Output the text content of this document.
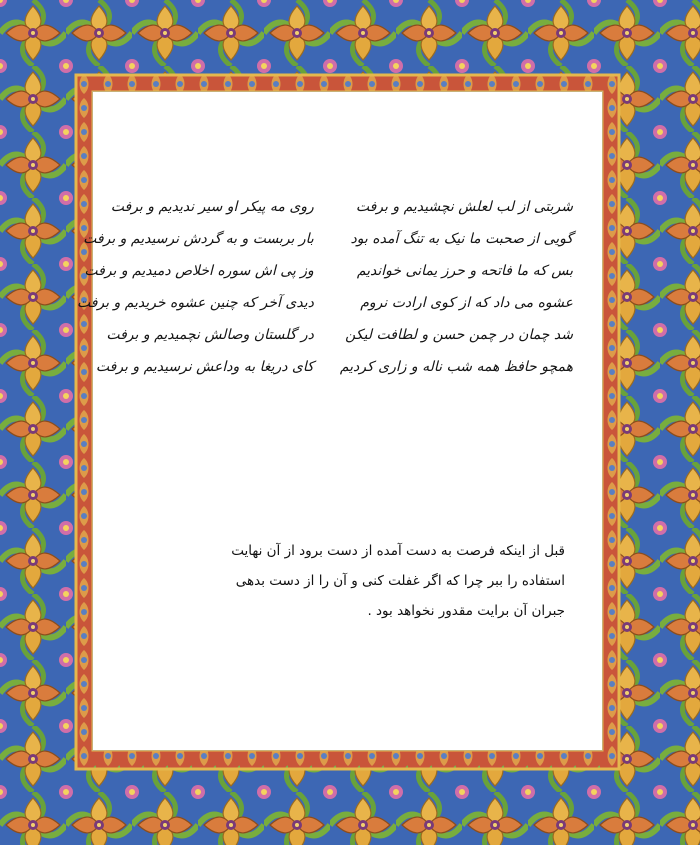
شربتی از لب لعلش نچشیدیم و برفت
روی مه پیکر او سیر ندیدیم و برفت
گویی از صحبت ما نیک به تنگ آمده بود
بار بربست و به گردش نرسیدیم و برفت
بس که ما فاتحه و حرز یمانی خواندیم
وز پی اش سوره اخلاص دمیدیم و برفت
عشوه می داد که از کوی ارادت نروم
دیدی آخر که چنین عشوه خریدیم و برفت
شد چمان در چمن حسن و لطافت لیکن
در گلستان وصالش نچمیدیم و برفت
همچو حافظ همه شب ناله و زاری کردیم
کای دریغا به وداعش نرسیدیم و برفت

قبل از اینکه فرصت به دست آمده از دست برود از آن نهایت

استفاده را ببر چرا که اگر غفلت کنی و آن را از دست بدهی

جبران آن برایت مقدور نخواهد بود .
